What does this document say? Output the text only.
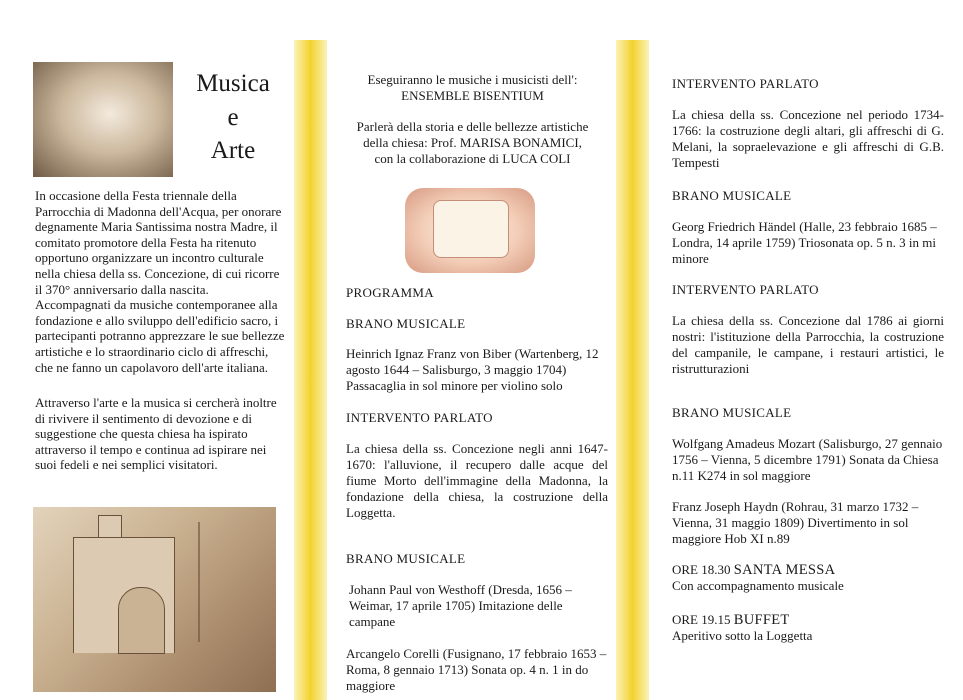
Musica
e
Arte
In occasione della Festa triennale della Parrocchia di Madonna dell'Acqua, per onorare degnamente Maria Santissima nostra Madre, il comitato promotore della Festa ha ritenuto opportuno organizzare un incontro culturale nella chiesa della ss. Concezione, di cui ricorre il 370° anniversario dalla nascita. Accompagnati da musiche contemporanee alla fondazione e allo sviluppo dell'edificio sacro, i partecipanti potranno apprezzare le sue bellezze artistiche e lo straordinario ciclo di affreschi, che ne fanno un capolavoro dell'arte italiana.
Attraverso l'arte e la musica si cercherà inoltre di rivivere il sentimento di devozione e di suggestione che questa chiesa ha ispirato attraverso il tempo e continua ad ispirare nei suoi fedeli e nei semplici visitatori.
Eseguiranno le musiche i musicisti dell':
ENSEMBLE BISENTIUM
Parlerà della storia e delle bellezze artistiche
della chiesa: Prof. MARISA BONAMICI,
con la collaborazione di LUCA COLI
PROGRAMMA
BRANO MUSICALE
Heinrich Ignaz Franz von Biber (Wartenberg, 12 agosto 1644 – Salisburgo, 3 maggio 1704) Passacaglia in sol minore per violino solo
INTERVENTO PARLATO
La chiesa della ss. Concezione negli anni 1647-1670: l'alluvione, il recupero dalle acque del fiume Morto dell'immagine della Madonna, la fondazione della chiesa, la costruzione della Loggetta.
BRANO MUSICALE
Johann Paul von Westhoff (Dresda, 1656 – Weimar, 17 aprile 1705) Imitazione delle campane
Arcangelo Corelli (Fusignano, 17 febbraio 1653 – Roma, 8 gennaio 1713) Sonata op. 4 n. 1 in do maggiore
INTERVENTO PARLATO
La chiesa della ss. Concezione nel periodo 1734-1766: la costruzione degli altari, gli affreschi di G. Melani, la sopraelevazione e gli affreschi di G.B. Tempesti
BRANO MUSICALE
Georg Friedrich Händel (Halle, 23 febbraio 1685 – Londra, 14 aprile 1759) Triosonata op. 5 n. 3 in mi minore
INTERVENTO PARLATO
La chiesa della ss. Concezione dal 1786 ai giorni nostri: l'istituzione della Parrocchia, la costruzione del campanile, le campane, i restauri artistici, le ristrutturazioni
BRANO MUSICALE
Wolfgang Amadeus Mozart (Salisburgo, 27 gennaio 1756 – Vienna, 5 dicembre 1791) Sonata da Chiesa n.11 K274 in sol maggiore
Franz Joseph Haydn (Rohrau, 31 marzo 1732 – Vienna, 31 maggio 1809) Divertimento in sol maggiore Hob XI n.89
ORE 18.30 SANTA MESSA
Con accompagnamento musicale
ORE 19.15 BUFFET
Aperitivo sotto la Loggetta
